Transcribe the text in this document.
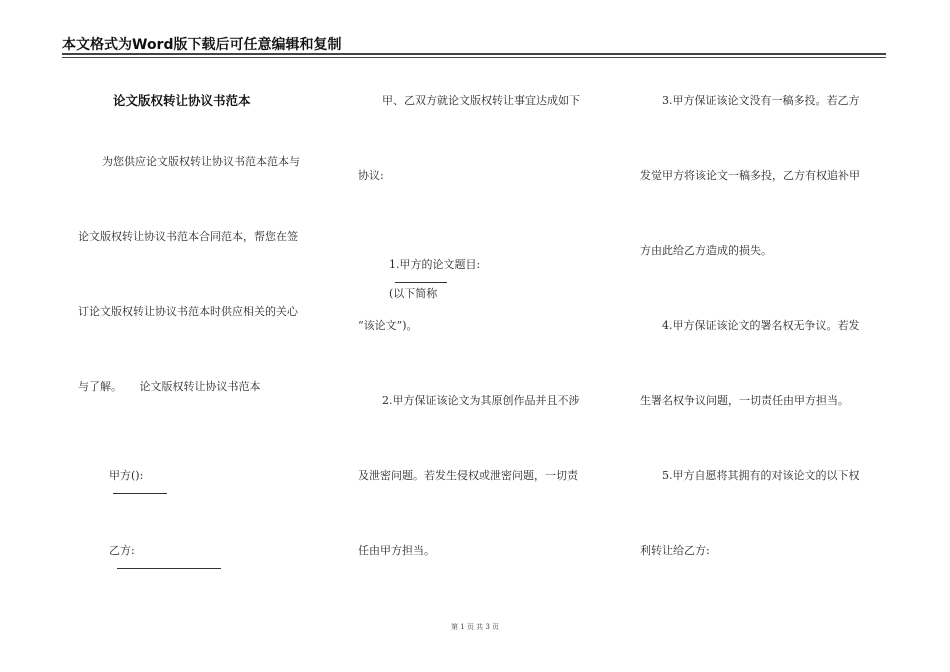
本文格式为Word版下载后可任意编辑和复制
论文版权转让协议书范本
为您供应论文版权转让协议书范本范本与
论文版权转让协议书范本合同范本，帮您在签
订论文版权转让协议书范本时供应相关的关心
与了解。     论文版权转让协议书范本

甲方():

乙方:

甲、乙双方就论文版权转让事宜达成如下
协议:

1.甲方的论文题目:

(以下简称

“该论文”)。
2.甲方保证该论文为其原创作品并且不涉
及泄密问题。若发生侵权或泄密问题，一切责
任由甲方担当。
3.甲方保证该论文没有一稿多投。若乙方
发觉甲方将该论文一稿多投，乙方有权追补甲
方由此给乙方造成的损失。
4.甲方保证该论文的署名权无争议。若发
生署名权争议问题，一切责任由甲方担当。
5.甲方自愿将其拥有的对该论文的以下权
利转让给乙方:
第 1 页 共 3 页
